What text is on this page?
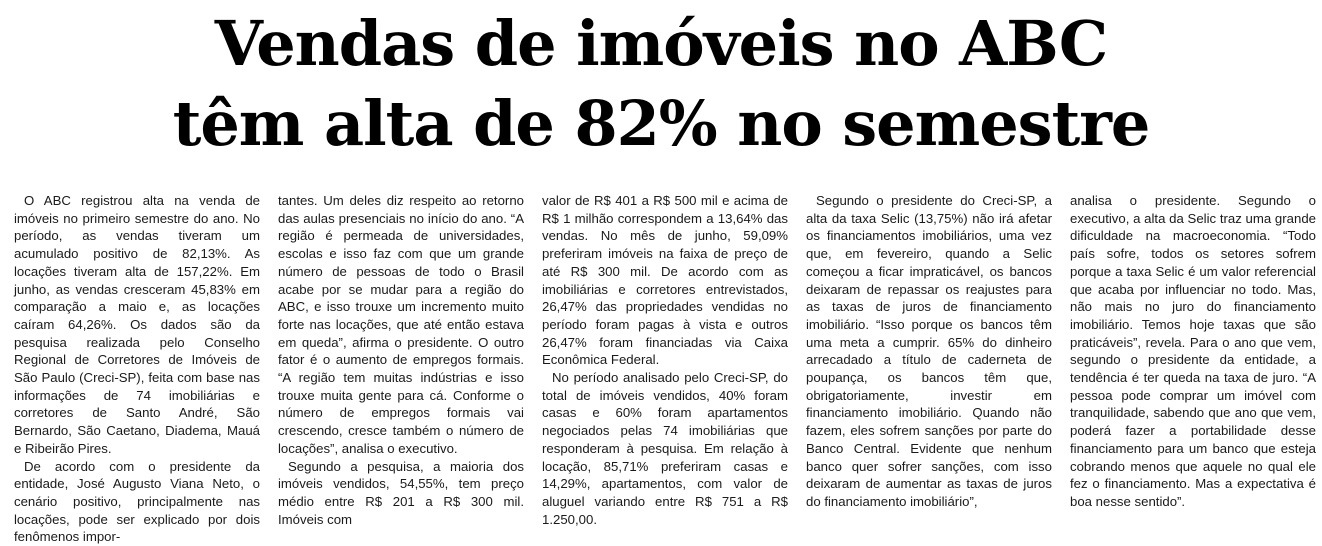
Vendas de imóveis no ABC
têm alta de 82% no semestre

O ABC registrou alta na venda de imóveis no primeiro semestre do ano. No período, as vendas tiveram um acumulado positivo de 82,13%. As locações tiveram alta de 157,22%. Em junho, as vendas cresceram 45,83% em comparação a maio e, as locações caíram 64,26%. Os dados são da pesquisa realizada pelo Conselho Regional de Corretores de Imóveis de São Paulo (Creci-SP), feita com base nas informações de 74 imobiliárias e corretores de Santo André, São Bernardo, São Caetano, Diadema, Mauá e Ribeirão Pires.

De acordo com o presidente da entidade, José Augusto Viana Neto, o cenário positivo, principalmente nas locações, pode ser explicado por dois fenômenos impor-

tantes. Um deles diz respeito ao retorno das aulas presenciais no início do ano. “A região é permeada de universidades, escolas e isso faz com que um grande número de pessoas de todo o Brasil acabe por se mudar para a região do ABC, e isso trouxe um incremento muito forte nas locações, que até então estava em queda”, afirma o presidente. O outro fator é o aumento de empregos formais. “A região tem muitas indústrias e isso trouxe muita gente para cá. Conforme o número de empregos formais vai crescendo, cresce também o número de locações”, analisa o executivo.

Segundo a pesquisa, a maioria dos imóveis vendidos, 54,55%, tem preço médio entre R$ 201 a R$ 300 mil. Imóveis com

valor de R$ 401 a R$ 500 mil e acima de R$ 1 milhão correspondem a 13,64% das vendas. No mês de junho, 59,09% preferiram imóveis na faixa de preço de até R$ 300 mil. De acordo com as imobiliárias e corretores entrevistados, 26,47% das propriedades vendidas no período foram pagas à vista e outros 26,47% foram financiadas via Caixa Econômica Federal.

No período analisado pelo Creci-SP, do total de imóveis vendidos, 40% foram casas e 60% foram apartamentos negociados pelas 74 imobiliárias que responderam à pesquisa. Em relação à locação, 85,71% preferiram casas e 14,29%, apartamentos, com valor de aluguel variando entre R$ 751 a R$ 1.250,00.

Segundo o presidente do Creci-SP, a alta da taxa Selic (13,75%) não irá afetar os financiamentos imobiliários, uma vez que, em fevereiro, quando a Selic começou a ficar impraticável, os bancos deixaram de repassar os reajustes para as taxas de juros de financiamento imobiliário. “Isso porque os bancos têm uma meta a cumprir. 65% do dinheiro arrecadado a título de caderneta de poupança, os bancos têm que, obrigatoriamente, investir em financiamento imobiliário. Quando não fazem, eles sofrem sanções por parte do Banco Central. Evidente que nenhum banco quer sofrer sanções, com isso deixaram de aumentar as taxas de juros do financiamento imobiliário”,

analisa o presidente. Segundo o executivo, a alta da Selic traz uma grande dificuldade na macroeconomia. “Todo país sofre, todos os setores sofrem porque a taxa Selic é um valor referencial que acaba por influenciar no todo. Mas, não mais no juro do financiamento imobiliário. Temos hoje taxas que são praticáveis”, revela. Para o ano que vem, segundo o presidente da entidade, a tendência é ter queda na taxa de juro. “A pessoa pode comprar um imóvel com tranquilidade, sabendo que ano que vem, poderá fazer a portabilidade desse financiamento para um banco que esteja cobrando menos que aquele no qual ele fez o financiamento. Mas a expectativa é boa nesse sentido”.
